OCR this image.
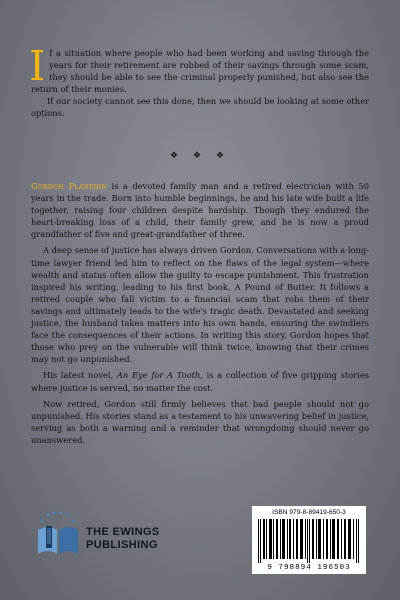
If a situation where people who had been working and saving through the years for their retirement are robbed of their savings through some scam, they should be able to see the criminal properly punished, but also see the return of their monies.

If our society cannot see this done, then we should be looking at some other options.

❖ ❖ ❖

Gordon Planedin is a devoted family man and a retired electrician with 50 years in the trade. Born into humble beginnings, he and his late wife built a life together, raising four children despite hardship. Though they endured the heart-breaking loss of a child, their family grew, and he is now a proud grandfather of five and great-grandfather of three.

A deep sense of justice has always driven Gordon. Conversations with a long-time lawyer friend led him to reflect on the flaws of the legal system—where wealth and status often allow the guilty to escape punishment. This frustration inspired his writing, leading to his first book, A Pound of Butter. It follows a retired couple who fall victim to a financial scam that robs them of their savings and ultimately leads to the wife's tragic death. Devastated and seeking justice, the husband takes matters into his own hands, ensuring the swindlers face the consequences of their actions. In writing this story, Gordon hopes that those who prey on the vulnerable will think twice, knowing that their crimes may not go unpunished.

His latest novel, An Eye for A Tooth, is a collection of five gripping stories where justice is served, no matter the cost.

Now retired, Gordon still firmly believes that bad people should not go unpunished. His stories stand as a testament to his unwavering belief in justice, serving as both a warning and a reminder that wrongdoing should never go unanswered.

THE EWINGS
PUBLISHING
ISBN 979-8-89419-650-3
9 798894 196503
